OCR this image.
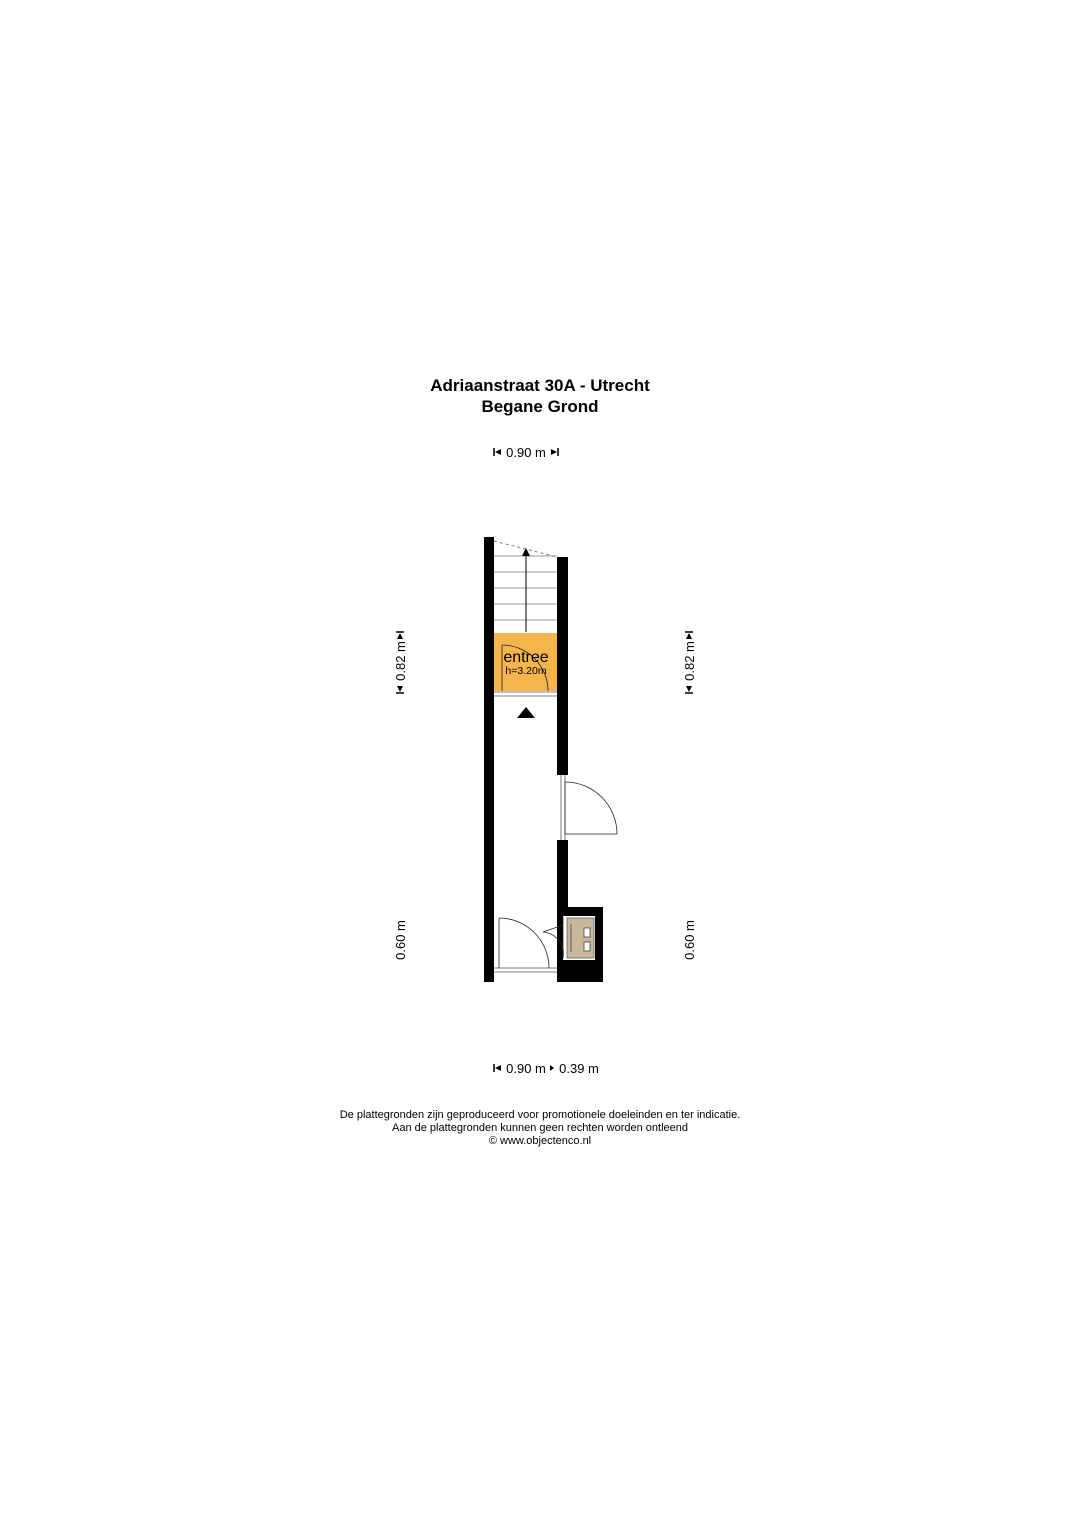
Adriaanstraat 30A - Utrecht
Begane Grond
0.90 m
0.82 m
0.60 m
0.82 m
0.60 m
0.90 m 0.39 m
entree
h=3.20m
De plattegronden zijn geproduceerd voor promotionele doeleinden en ter indicatie.
Aan de plattegronden kunnen geen rechten worden ontleend
© www.objectenco.nl
